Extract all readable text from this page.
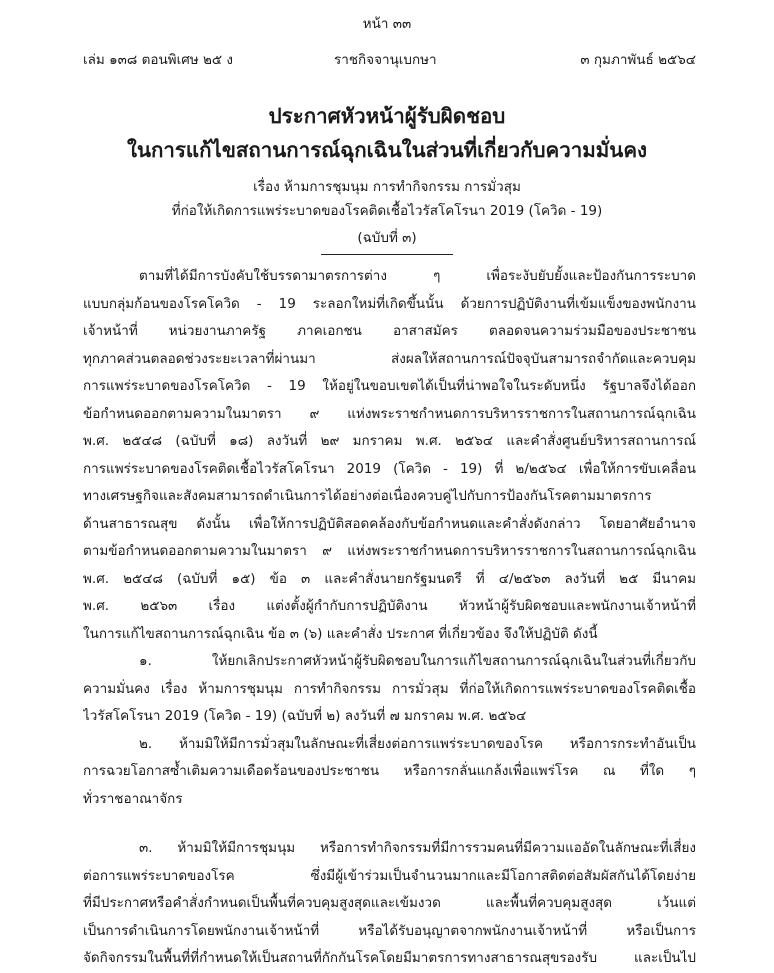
หน้า ๓๓
เล่ม ๑๓๘ ตอนพิเศษ ๒๕ ง	ราชกิจจานุเบกษา	๓ กุมภาพันธ์ ๒๕๖๔
ประกาศหัวหน้าผู้รับผิดชอบ
ในการแก้ไขสถานการณ์ฉุกเฉินในส่วนที่เกี่ยวกับความมั่นคง
เรื่อง ห้ามการชุมนุม การทำกิจกรรม การมั่วสุม
ที่ก่อให้เกิดการแพร่ระบาดของโรคติดเชื้อไวรัสโคโรนา 2019 (โควิด - 19)
(ฉบับที่ ๓)
ตามที่ได้มีการบังคับใช้บรรดามาตรการต่าง ๆ เพื่อระงับยับยั้งและป้องกันการระบาด
แบบกลุ่มก้อนของโรคโควิด - 19 ระลอกใหม่ที่เกิดขึ้นนั้น ด้วยการปฏิบัติงานที่เข้มแข็งของพนักงาน
เจ้าหน้าที่ หน่วยงานภาครัฐ ภาคเอกชน อาสาสมัคร ตลอดจนความร่วมมือของประชาชน
ทุกภาคส่วนตลอดช่วงระยะเวลาที่ผ่านมา ส่งผลให้สถานการณ์ปัจจุบันสามารถจำกัดและควบคุม
การแพร่ระบาดของโรคโควิด - 19 ให้อยู่ในขอบเขตได้เป็นที่น่าพอใจในระดับหนึ่ง รัฐบาลจึงได้ออก
ข้อกำหนดออกตามความในมาตรา ๙ แห่งพระราชกำหนดการบริหารราชการในสถานการณ์ฉุกเฉิน
พ.ศ. ๒๕๔๘ (ฉบับที่ ๑๘) ลงวันที่ ๒๙ มกราคม พ.ศ. ๒๕๖๔ และคำสั่งศูนย์บริหารสถานการณ์
การแพร่ระบาดของโรคติดเชื้อไวรัสโคโรนา 2019 (โควิด - 19) ที่ ๒/๒๕๖๔ เพื่อให้การขับเคลื่อน
ทางเศรษฐกิจและสังคมสามารถดำเนินการได้อย่างต่อเนื่องควบคู่ไปกับการป้องกันโรคตามมาตรการ
ด้านสาธารณสุข ดังนั้น เพื่อให้การปฏิบัติสอดคล้องกับข้อกำหนดและคำสั่งดังกล่าว โดยอาศัยอำนาจ
ตามข้อกำหนดออกตามความในมาตรา ๙ แห่งพระราชกำหนดการบริหารราชการในสถานการณ์ฉุกเฉิน
พ.ศ. ๒๕๔๘ (ฉบับที่ ๑๕) ข้อ ๓ และคำสั่งนายกรัฐมนตรี ที่ ๔/๒๕๖๓ ลงวันที่ ๒๕ มีนาคม
พ.ศ. ๒๕๖๓ เรื่อง แต่งตั้งผู้กำกับการปฏิบัติงาน หัวหน้าผู้รับผิดชอบและพนักงานเจ้าหน้าที่
ในการแก้ไขสถานการณ์ฉุกเฉิน ข้อ ๓ (๖) และคำสั่ง ประกาศ ที่เกี่ยวข้อง จึงให้ปฏิบัติ ดังนี้
๑. ให้ยกเลิกประกาศหัวหน้าผู้รับผิดชอบในการแก้ไขสถานการณ์ฉุกเฉินในส่วนที่เกี่ยวกับ
ความมั่นคง เรื่อง ห้ามการชุมนุม การทำกิจกรรม การมั่วสุม ที่ก่อให้เกิดการแพร่ระบาดของโรคติดเชื้อ
ไวรัสโคโรนา 2019 (โควิด - 19) (ฉบับที่ ๒) ลงวันที่ ๗ มกราคม พ.ศ. ๒๕๖๔
๒. ห้ามมิให้มีการมั่วสุมในลักษณะที่เสี่ยงต่อการแพร่ระบาดของโรค หรือการกระทำอันเป็น
การฉวยโอกาสซ้ำเติมความเดือดร้อนของประชาชน หรือการกลั่นแกล้งเพื่อแพร่โรค ณ ที่ใด ๆ
ทั่วราชอาณาจักร
๓. ห้ามมิให้มีการชุมนุม หรือการทำกิจกรรมที่มีการรวมคนที่มีความแออัดในลักษณะที่เสี่ยง
ต่อการแพร่ระบาดของโรค ซึ่งมีผู้เข้าร่วมเป็นจำนวนมากและมีโอกาสติดต่อสัมผัสกันได้โดยง่าย
ที่มีประกาศหรือคำสั่งกำหนดเป็นพื้นที่ควบคุมสูงสุดและเข้มงวด และพื้นที่ควบคุมสูงสุด เว้นแต่
เป็นการดำเนินการโดยพนักงานเจ้าหน้าที่ หรือได้รับอนุญาตจากพนักงานเจ้าหน้าที่ หรือเป็นการ
จัดกิจกรรมในพื้นที่ที่กำหนดให้เป็นสถานที่กักกันโรคโดยมีมาตรการทางสาธารณสุขรองรับ และเป็นไป
